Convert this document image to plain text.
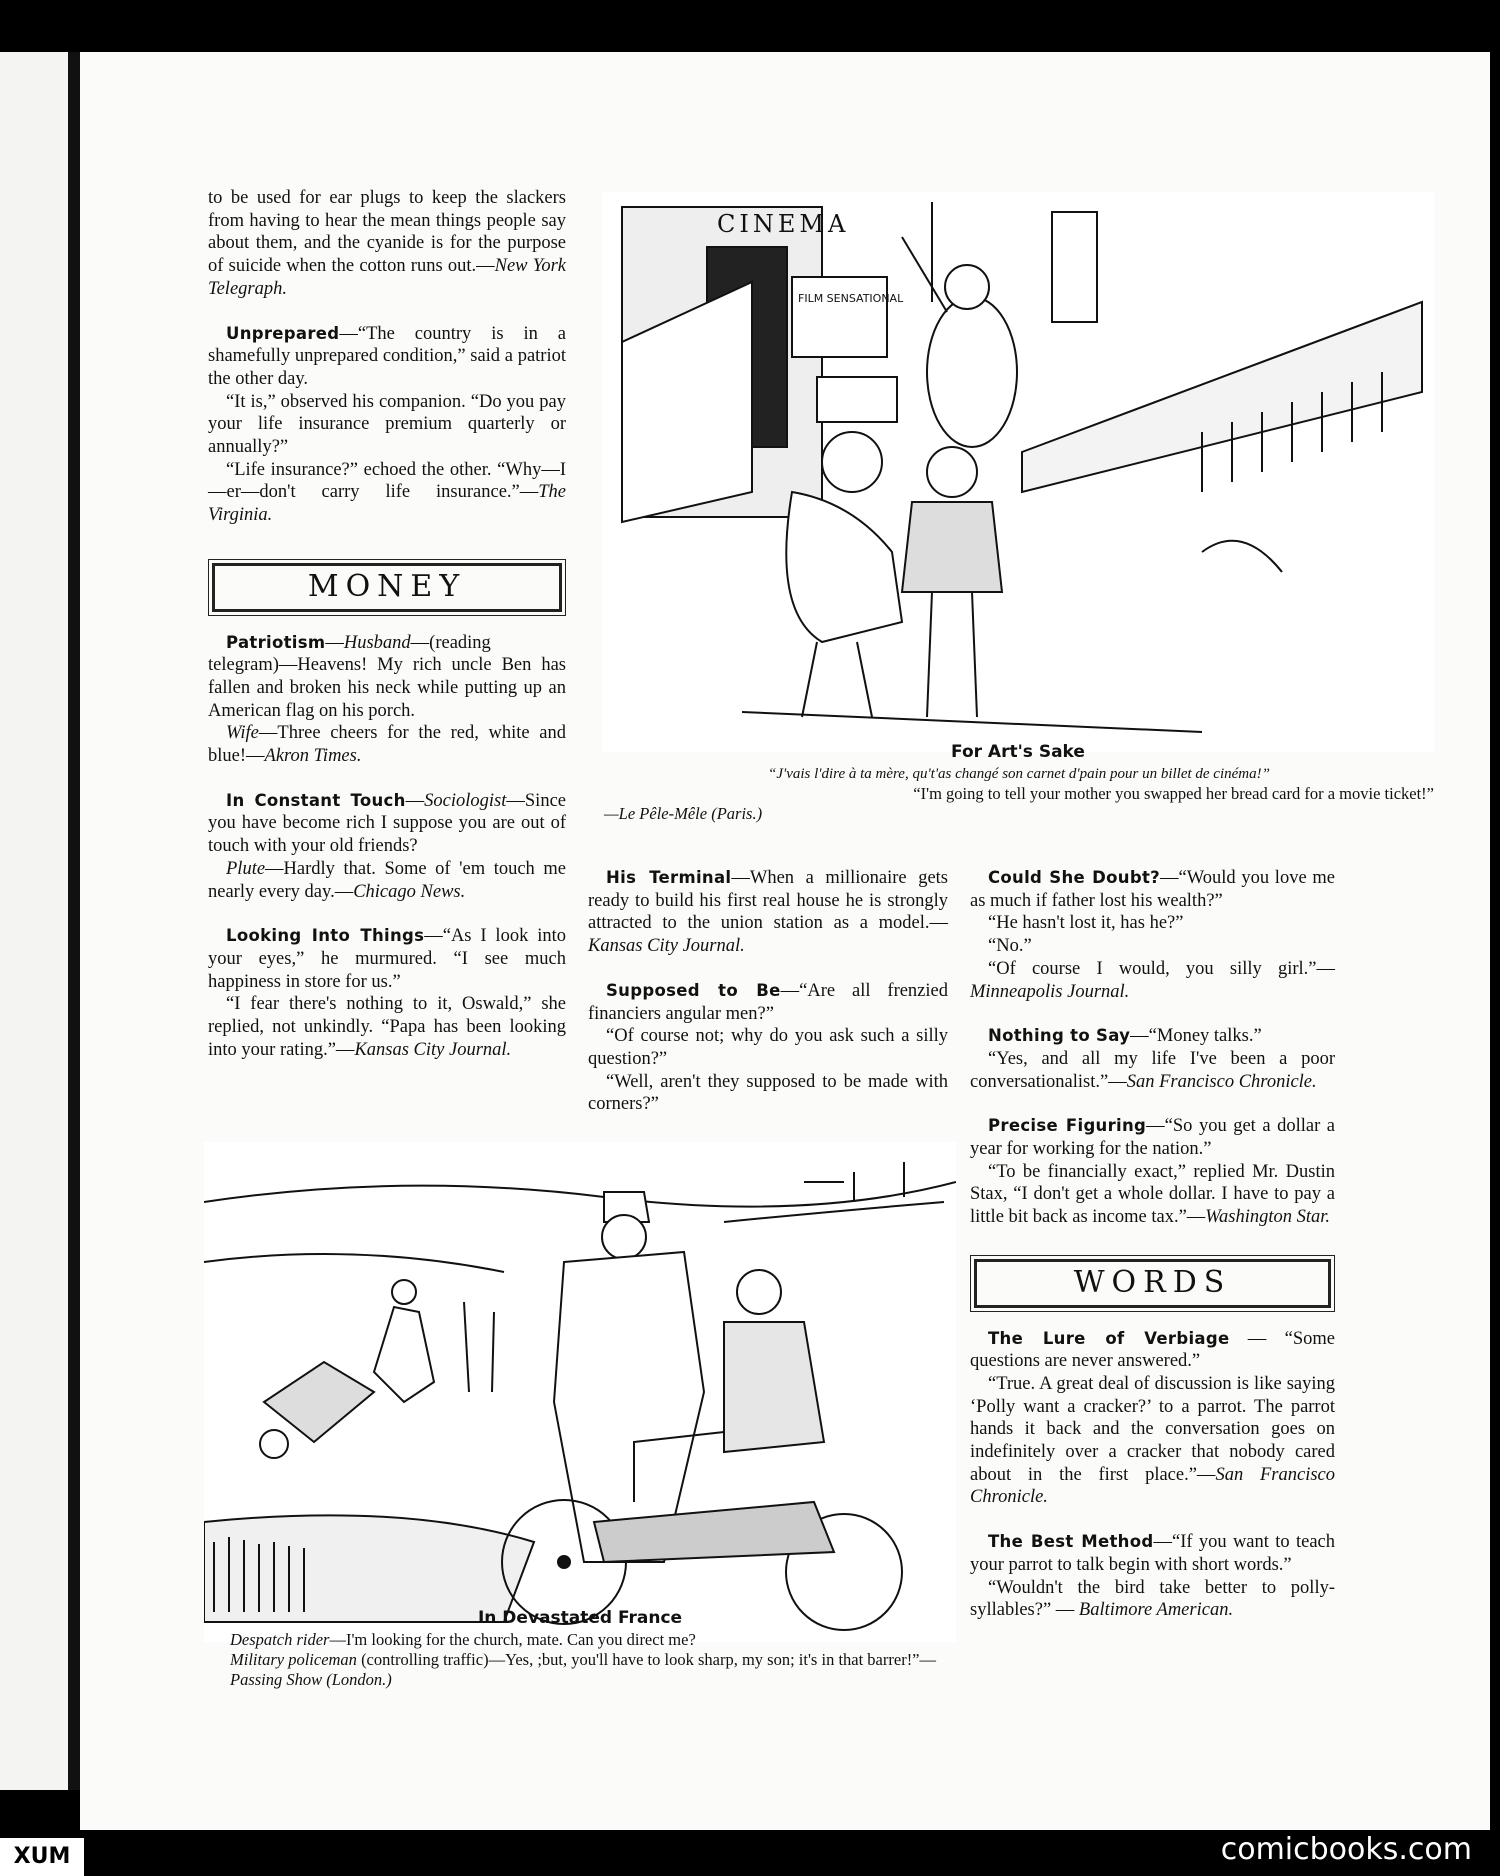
to be used for ear plugs to keep the slackers from having to hear the mean things people say about them, and the cyanide is for the purpose of suicide when the cotton runs out.—New York Telegraph.

Unprepared—“The country is in a shamefully unprepared condition,” said a patriot the other day.

“It is,” observed his companion. “Do you pay your life insurance premium quarterly or annually?”

“Life insurance?” echoed the other. “Why—I—er—don't carry life insurance.”—The Virginia.

MONEY

Patriotism—Husband—(reading telegram)—Heavens! My rich uncle Ben has fallen and broken his neck while putting up an American flag on his porch.

Wife—Three cheers for the red, white and blue!—Akron Times.

In Constant Touch—Sociologist—Since you have become rich I suppose you are out of touch with your old friends?

Plute—Hardly that. Some of 'em touch me nearly every day.—Chicago News.

Looking Into Things—“As I look into your eyes,” he murmured. “I see much happiness in store for us.”

“I fear there's nothing to it, Oswald,” she replied, not unkindly. “Papa has been looking into your rating.”—Kansas City Journal.

CINEMA
FILM SENSATIONAL
For Art's Sake
“J'vais l'dire à ta mère, qu't'as changé son carnet d'pain pour un billet de cinéma!”
“I'm going to tell your mother you swapped her bread card for a movie ticket!”
—Le Pêle-Mêle (Paris.)

His Terminal—When a millionaire gets ready to build his first real house he is strongly attracted to the union station as a model.—Kansas City Journal.

Supposed to Be—“Are all frenzied financiers angular men?”

“Of course not; why do you ask such a silly question?”

“Well, aren't they supposed to be made with corners?”

Could She Doubt?—“Would you love me as much if father lost his wealth?”

“He hasn't lost it, has he?”

“No.”

“Of course I would, you silly girl.”—Minneapolis Journal.

Nothing to Say—“Money talks.”

“Yes, and all my life I've been a poor conversationalist.”—San Francisco Chronicle.

Precise Figuring—“So you get a dollar a year for working for the nation.”

“To be financially exact,” replied Mr. Dustin Stax, “I don't get a whole dollar. I have to pay a little bit back as income tax.”—Washington Star.

WORDS

The Lure of Verbiage — “Some questions are never answered.”

“True. A great deal of discussion is like saying ‘Polly want a cracker?’ to a parrot. The parrot hands it back and the conversation goes on indefinitely over a cracker that nobody cared about in the first place.”—San Francisco Chronicle.

The Best Method—“If you want to teach your parrot to talk begin with short words.”

“Wouldn't the bird take better to polly-syllables?” — Baltimore American.

In Devastated France
Despatch rider—I'm looking for the church, mate. Can you direct me?
Military policeman (controlling traffic)—Yes, ;but, you'll have to look sharp, my son; it's in that barrer!”—Passing Show (London.)
XUM	comicbooks.com
